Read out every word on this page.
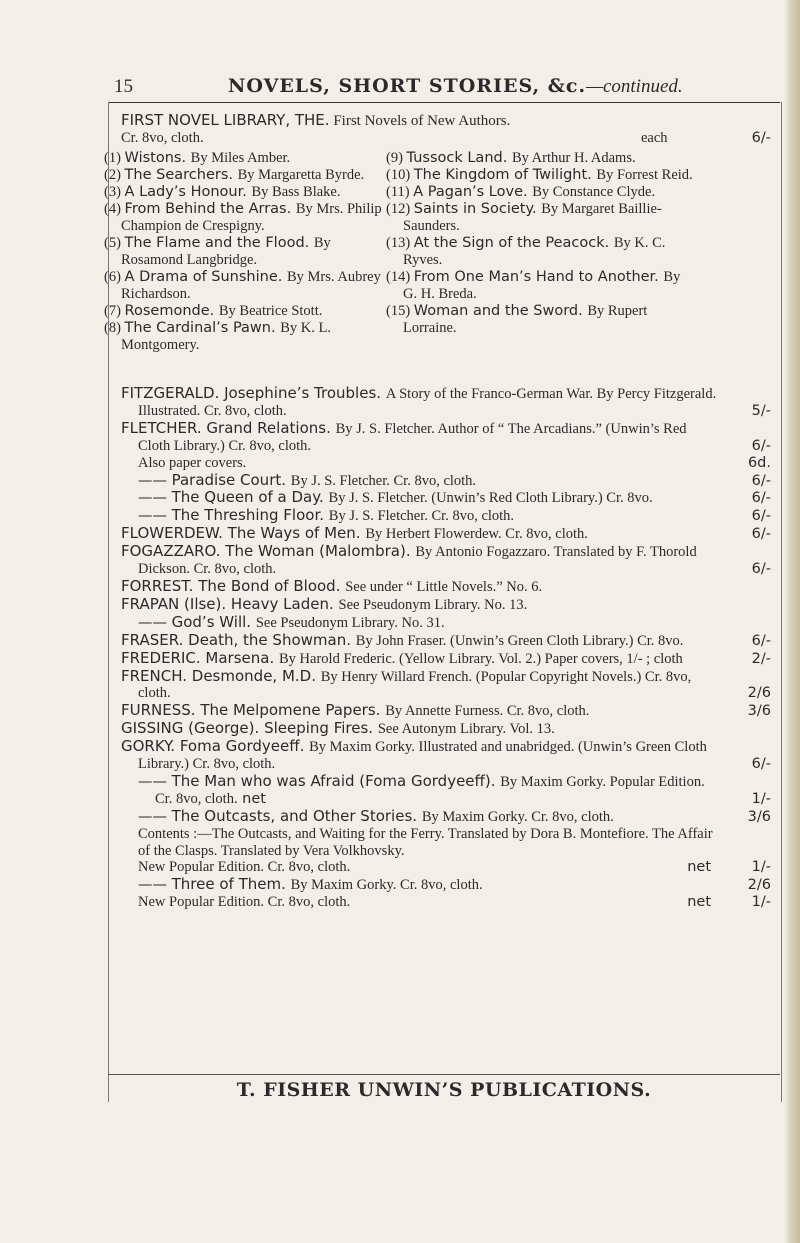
15	NOVELS, SHORT STORIES, &c.—continued.
FIRST NOVEL LIBRARY, THE. First Novels of New Authors.
Cr. 8vo, cloth.	each	6/-
(1) Wistons. By Miles Amber.
(2) The Searchers. By Margaretta Byrde.
(3) A Lady’s Honour. By Bass Blake.
(4) From Behind the Arras. By Mrs. Philip Champion de Crespigny.
(5) The Flame and the Flood. By Rosamond Langbridge.
(6) A Drama of Sunshine. By Mrs. Aubrey Richardson.
(7) Rosemonde. By Beatrice Stott.
(8) The Cardinal’s Pawn. By K. L. Montgomery.
(9) Tussock Land. By Arthur H. Adams.
(10) The Kingdom of Twilight. By Forrest Reid.
(11) A Pagan’s Love. By Constance Clyde.
(12) Saints in Society. By Margaret Baillie-Saunders.
(13) At the Sign of the Peacock. By K. C. Ryves.
(14) From One Man’s Hand to Another. By G. H. Breda.
(15) Woman and the Sword. By Rupert Lorraine.
FITZGERALD. Josephine’s Troubles. A Story of the Franco-German War. By Percy Fitzgerald. Illustrated. Cr. 8vo, cloth.	5/-
FLETCHER. Grand Relations. By J. S. Fletcher. Author of “ The Arcadians.” (Unwin’s Red Cloth Library.) Cr. 8vo, cloth.	6/-
Also paper covers.	6d.
—— Paradise Court. By J. S. Fletcher. Cr. 8vo, cloth.	6/-
—— The Queen of a Day. By J. S. Fletcher. (Unwin’s Red Cloth Library.) Cr. 8vo.	6/-
—— The Threshing Floor. By J. S. Fletcher. Cr. 8vo, cloth.	6/-
FLOWERDEW. The Ways of Men. By Herbert Flowerdew. Cr. 8vo, cloth.	6/-
FOGAZZARO. The Woman (Malombra). By Antonio Fogazzaro. Translated by F. Thorold Dickson. Cr. 8vo, cloth.	6/-
FORREST. The Bond of Blood. See under “ Little Novels.” No. 6.
FRAPAN (Ilse). Heavy Laden. See Pseudonym Library. No. 13.
—— God’s Will. See Pseudonym Library. No. 31.
FRASER. Death, the Showman. By John Fraser. (Unwin’s Green Cloth Library.) Cr. 8vo.	6/-
FREDERIC. Marsena. By Harold Frederic. (Yellow Library. Vol. 2.) Paper covers, 1/- ; cloth	2/-
FRENCH. Desmonde, M.D. By Henry Willard French. (Popular Copyright Novels.) Cr. 8vo, cloth.	2/6
FURNESS. The Melpomene Papers. By Annette Furness. Cr. 8vo, cloth.	3/6
GISSING (George). Sleeping Fires. See Autonym Library. Vol. 13.
GORKY. Foma Gordyeeff. By Maxim Gorky. Illustrated and unabridged. (Unwin’s Green Cloth Library.) Cr. 8vo, cloth.	6/-
—— The Man who was Afraid (Foma Gordyeeff). By Maxim Gorky. Popular Edition. Cr. 8vo, cloth. net	1/-
—— The Outcasts, and Other Stories. By Maxim Gorky. Cr. 8vo, cloth.	3/6
Contents :—The Outcasts, and Waiting for the Ferry. Translated by Dora B. Montefiore. The Affair of the Clasps. Translated by Vera Volkhovsky.
New Popular Edition. Cr. 8vo, cloth.	net	1/-
—— Three of Them. By Maxim Gorky. Cr. 8vo, cloth.	2/6
New Popular Edition. Cr. 8vo, cloth.	net	1/-
T. FISHER UNWIN’S PUBLICATIONS.
